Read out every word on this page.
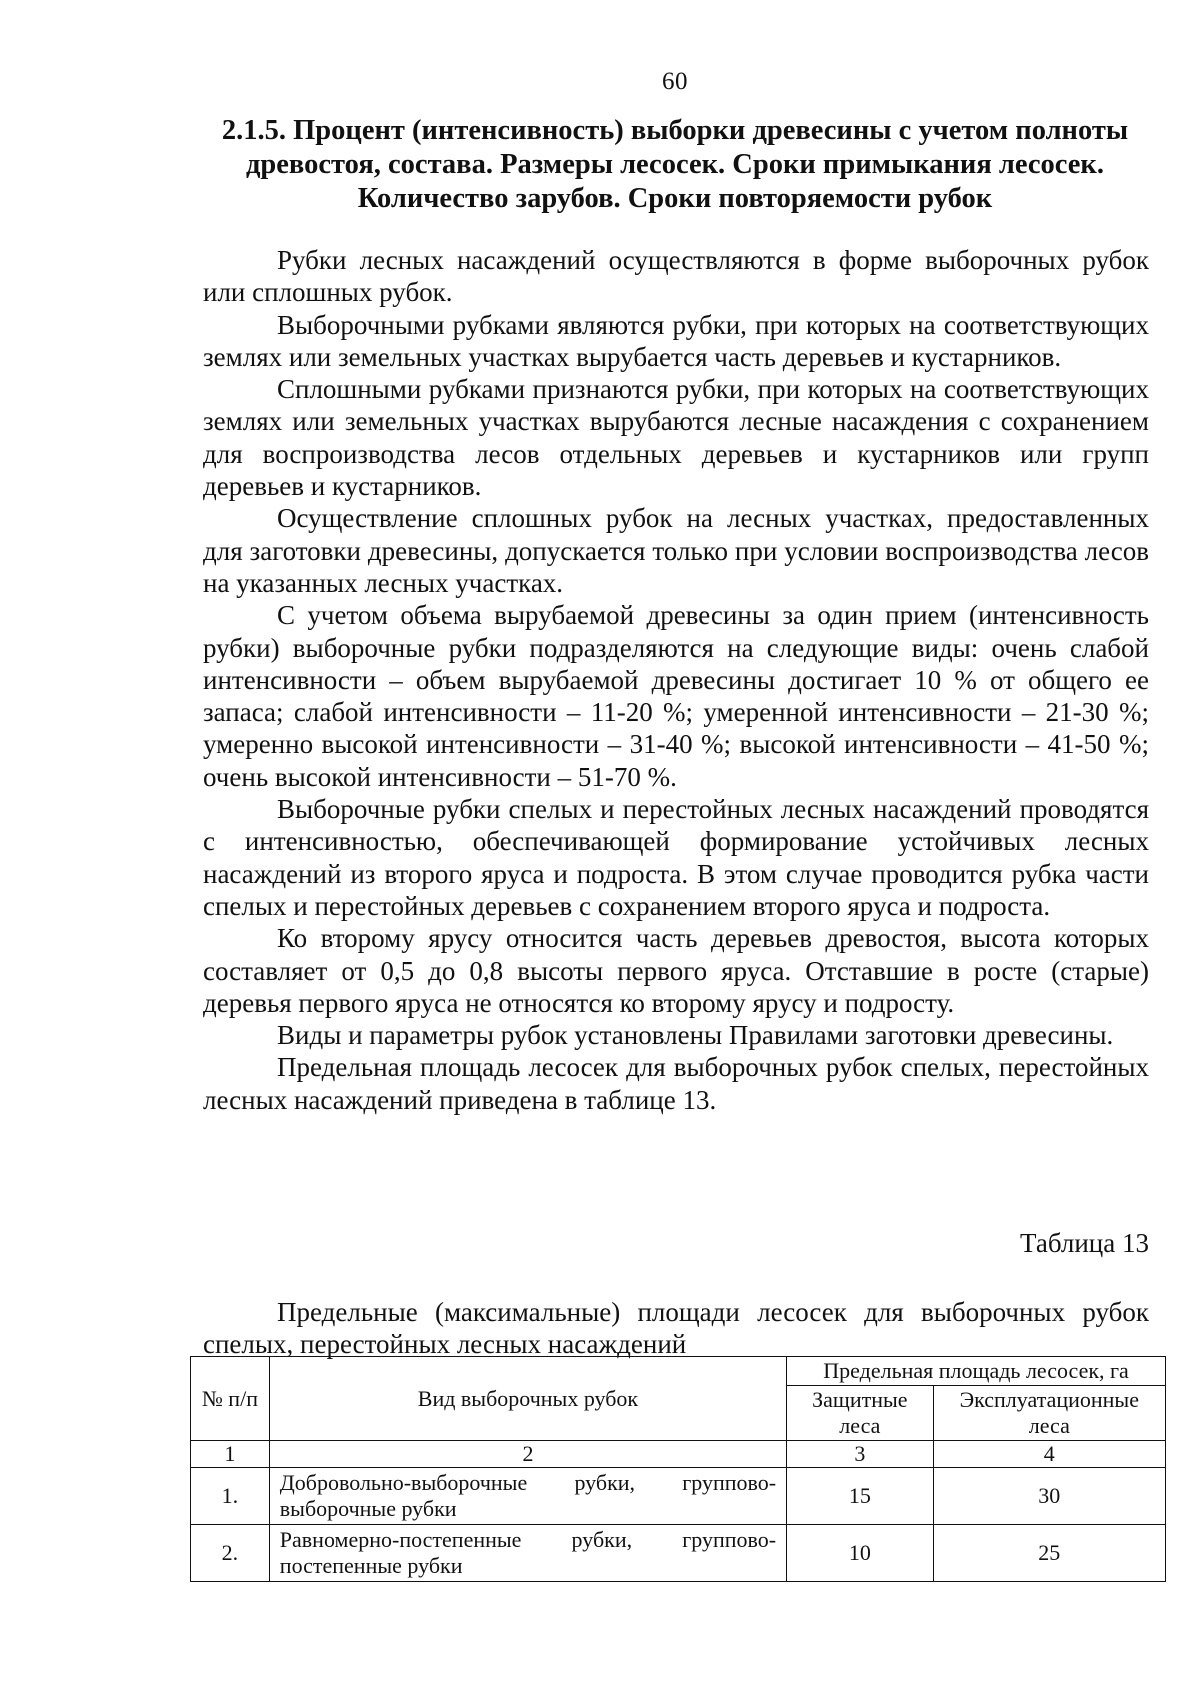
60
2.1.5. Процент (интенсивность) выборки древесины с учетом полноты
древостоя, состава. Размеры лесосек. Сроки примыкания лесосек.
Количество зарубов. Сроки повторяемости рубок

Рубки лесных насаждений осуществляются в форме выборочных рубок или сплошных рубок.

Выборочными рубками являются рубки, при которых на соответствующих землях или земельных участках вырубается часть деревьев и кустарников.

Сплошными рубками признаются рубки, при которых на соответствующих землях или земельных участках вырубаются лесные насаждения с сохранением для воспроизводства лесов отдельных деревьев и кустарников или групп деревьев и кустарников.

Осуществление сплошных рубок на лесных участках, предоставленных для заготовки древесины, допускается только при условии воспроизводства лесов на указанных лесных участках.

С учетом объема вырубаемой древесины за один прием (интенсивность рубки) выборочные рубки подразделяются на следующие виды: очень слабой интенсивности – объем вырубаемой древесины достигает 10 % от общего ее запаса; слабой интенсивности – 11-20 %; умеренной интенсивности – 21-30 %; умеренно высокой интенсивности – 31-40 %; высокой интенсивности – 41-50 %; очень высокой интенсивности – 51-70 %.

Выборочные рубки спелых и перестойных лесных насаждений проводятся с интенсивностью, обеспечивающей формирование устойчивых лесных насаждений из второго яруса и подроста. В этом случае проводится рубка части спелых и перестойных деревьев с сохранением второго яруса и подроста.

Ко второму ярусу относится часть деревьев древостоя, высота которых составляет от 0,5 до 0,8 высоты первого яруса. Отставшие в росте (старые) деревья первого яруса не относятся ко второму ярусу и подросту.

Виды и параметры рубок установлены Правилами заготовки древесины.

Предельная площадь лесосек для выборочных рубок спелых, перестойных лесных насаждений приведена в таблице 13.

Таблица 13
Предельные (максимальные) площади лесосек для выборочных рубок спелых, перестойных лесных насаждений
№ п/п	Вид выборочных рубок	Предельная площадь лесосек, га	
		Защитные леса	Эксплуатационные леса
1	2	3	4
1.	Добровольно-выборочные рубки, группово-выборочные рубки	15	30
2.	Равномерно-постепенные рубки, группово-постепенные рубки	10	25
